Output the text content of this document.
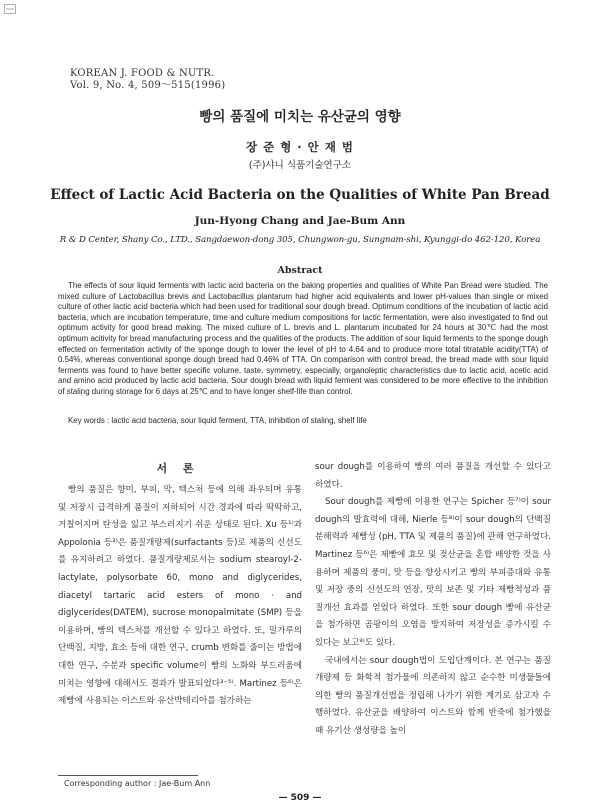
KOREAN J. FOOD & NUTR.
Vol. 9, No. 4, 509～515(1996)
빵의 품질에 미치는 유산균의 영향
장 준 형 · 안 재 범
(주)샤니 식품기술연구소
Effect of Lactic Acid Bacteria on the Qualities of White Pan Bread
Jun-Hyong Chang and Jae-Bum Ann
R & D Center, Shany Co., LTD., Sangdaewon-dong 305, Chungwon-gu, Sungnam-shi, Kyunggi-do 462-120, Korea
Abstract

The effects of sour liquid ferments with lactic acid bacteria on the baking properties and qualities of White Pan Bread were studied. The mixed culture of Lactobacillus brevis and Lactobacillus plantarum had higher acid equivalents and lower pH-values than single or mixed culture of other lactic acid bacteria which had been used for traditional sour dough bread. Optimum conditions of the incubation of lactic acid bacteria, which are incubation temperature, time and culture medium compositions for lactic fermentation, were also investigated to find out optimum activity for good bread making. The mixed culture of L. brevis and L. plantarum incubated for 24 hours at 30℃ had the most optimum acitivity for bread manufacturing process and the qualities of the products. The addition of sour liquid ferments to the sponge dough effected on fermentation activity of the sponge dough to lower the level of pH to 4.64 and to produce more total titratable acidity(TTA) of 0.54%, whereas conventional sponge dough bread had 0.46% of TTA. On comparison with control bread, the bread made with sour liquid ferments was found to have better specific volume, taste, symmetry, especially, organoleptic characteristics due to lactic acid, acetic acid and amino acid produced by lactic acid bacteria. Sour dough bread with liquid ferment was considered to be more effective to the inhibition of staling during storage for 6 days at 25℃ and to have longer shelf-life than control.

Key words : lactic acid bacteria, sour liquid ferment, TTA, inhibition of staling, shelf life
서 론

빵의 품질은 향미, 부피, 막, 텍스처 등에 의해 좌우되며 유통 및 저장시 급격하게 품질이 저하되어 시간 경과에 따라 딱딱하고, 거칠어지며 탄성을 잃고 부스러지기 쉬운 상태로 된다. Xu 등¹⁾과 Appolonia 등²⁾은 품질개량제(surfactants 등)로 제품의 신선도를 유지하려고 하였다. 품질개량제로서는 sodium stearoyl-2-lactylate, polysorbate 60, mono and diglycerides, diacetyl tartaric acid esters of mono · and diglycerides(DATEM), sucrose monopalmitate (SMP) 등을 이용하며, 빵의 텍스처를 개선할 수 있다고 하였다. 또, 밀가루의 단백질, 지방, 효소 등에 대한 연구, crumb 변화를 줄이는 방법에 대한 연구, 수분과 specific volume이 빵의 노화와 부드러움에 미치는 영향에 대해서도 결과가 발표되었다³⁻⁵⁾. Martinez 등⁶⁾은 제빵에 사용되는 이스트와 유산박테리아를 첨가하는

sour dough를 이용하여 빵의 여러 품질을 개선할 수 있다고 하였다.

Sour dough를 제빵에 이용한 연구는 Spicher 등⁷⁾이 sour dough의 발효력에 대해, Nierle 등⁸⁾이 sour dough의 단백질 분해력과 제빵성 (pH, TTA 및 제품의 품질)에 관해 연구하였다. Martinez 등⁶⁾은 제빵에 효모 및 젖산균을 혼합 배양한 것을 사용하며 제품의 풍미, 맛 등을 향상시키고 빵의 부피증대와 유통 및 저장 중의 신선도의 연장, 맛의 보존 및 기타 제빵적성과 품질개선 효과를 얻었다 하였다. 또한 sour dough 빵에 유산균을 첨가하면 곰팡이의 오염을 방지하여 저장성을 증가시킬 수 있다는 보고⁹⁾도 있다.

국내에서는 sour dough법이 도입단계이다. 본 연구는 품질 개량제 등 화학적 첨가물에 의존하지 않고 순수한 미생물들에 의한 빵의 품질개선법을 정립해 나가기 위한 계기로 삼고자 수행하였다. 유산균을 배양하여 이스트와 함께 반죽에 첨가했을 때 유기산 생성량을 높이

Corresponding author : Jae-Bum Ann
— 509 —
